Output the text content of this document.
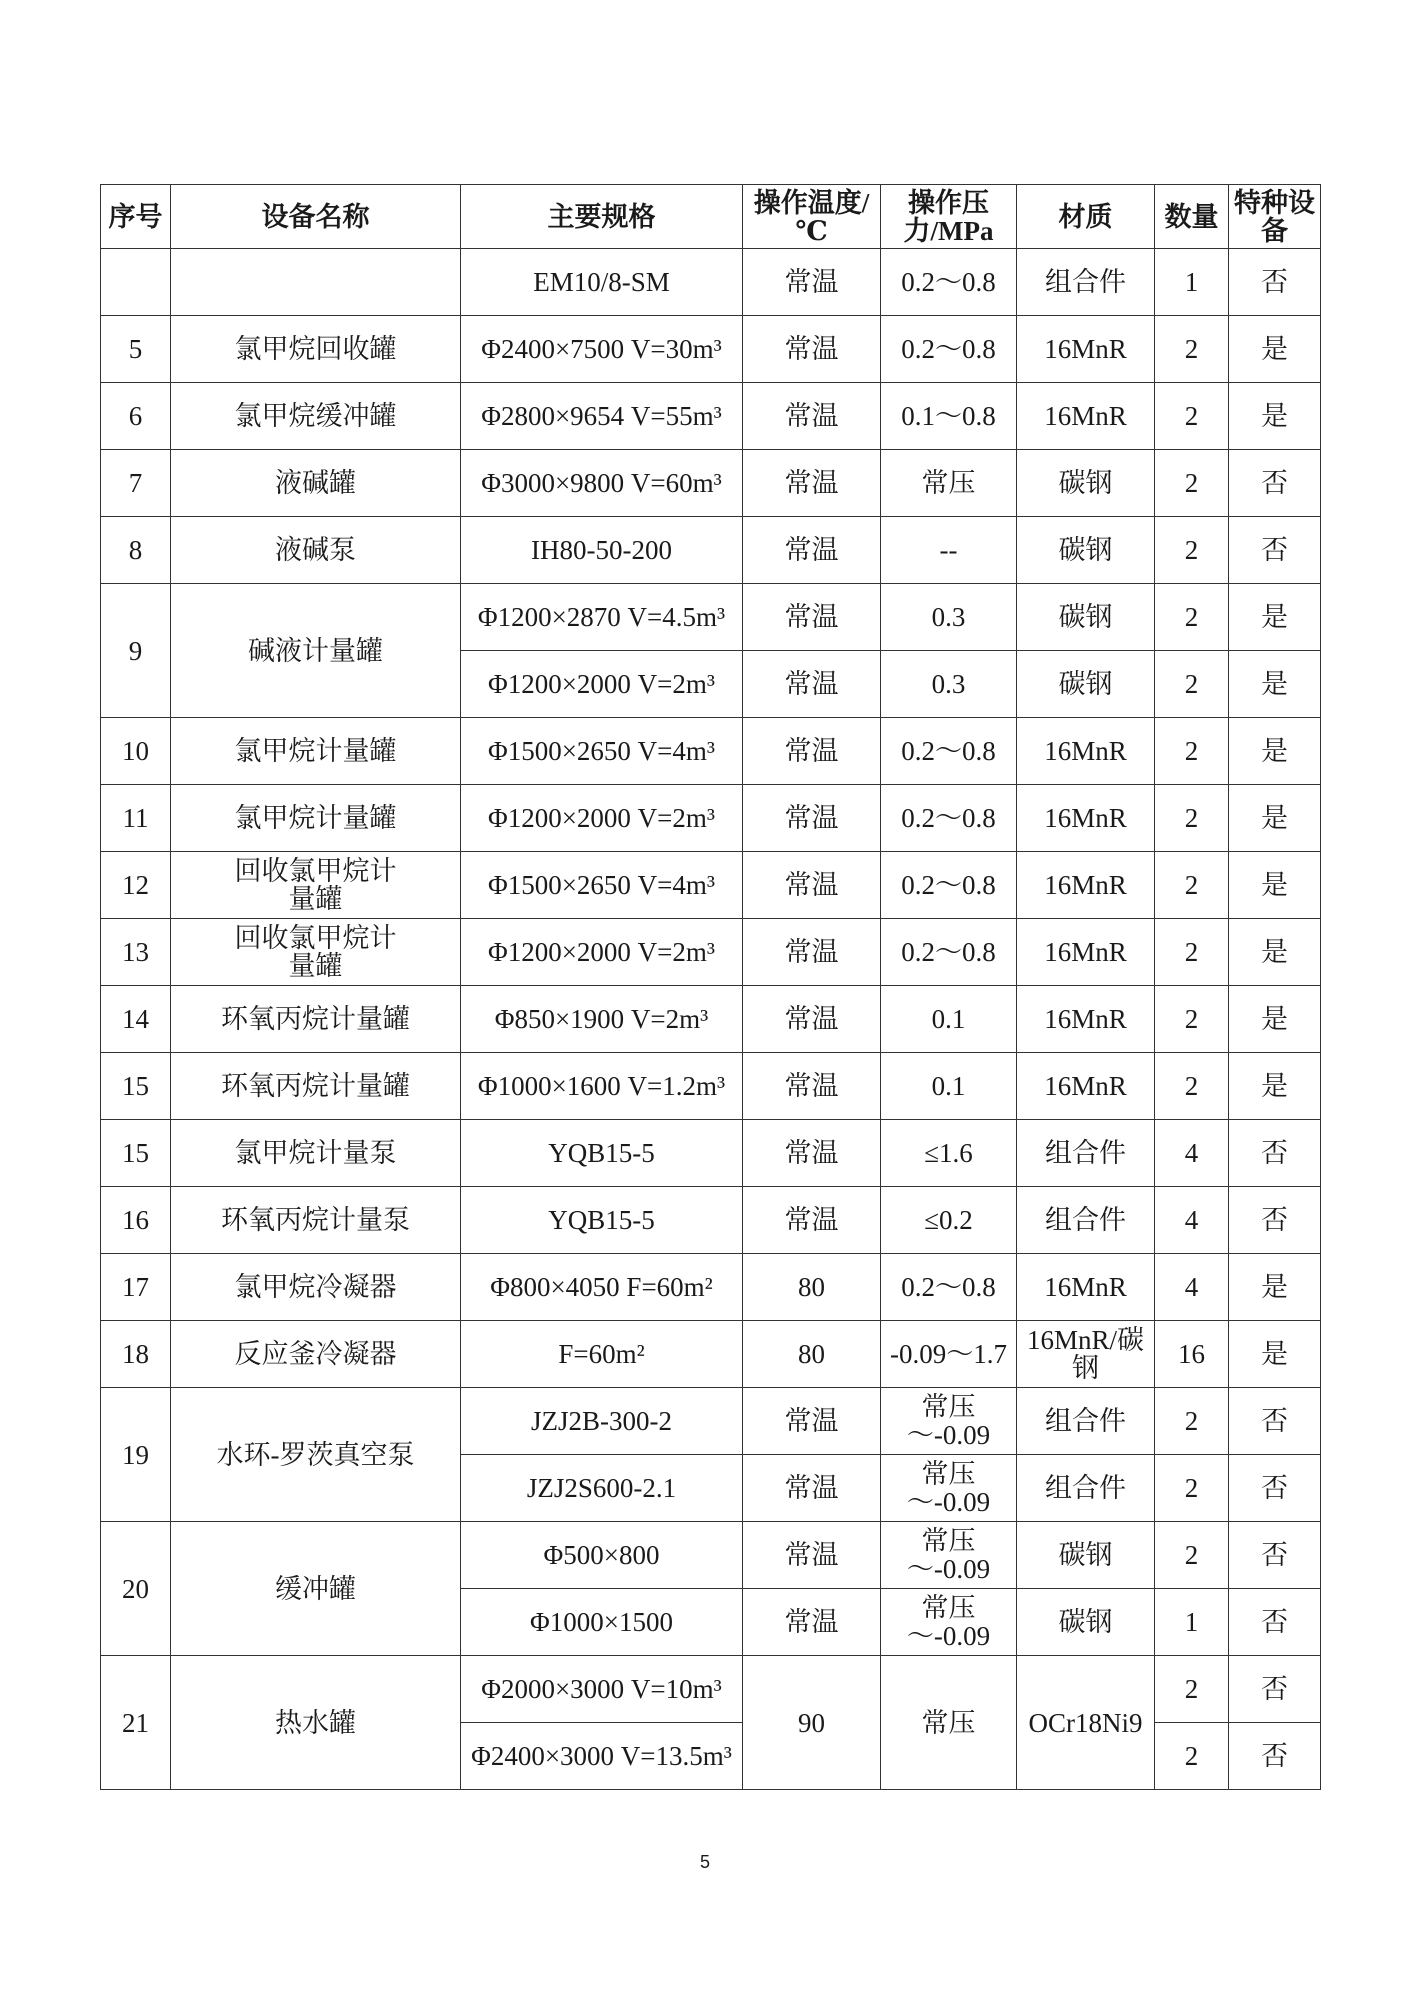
序号	设备名称	主要规格	操作温度/℃	操作压力/MPa	材质	数量	特种设备
		EM10/8-SM	常温	0.2～0.8	组合件	1	否
5	氯甲烷回收罐	Φ2400×7500 V=30m³	常温	0.2～0.8	16MnR	2	是
6	氯甲烷缓冲罐	Φ2800×9654 V=55m³	常温	0.1～0.8	16MnR	2	是
7	液碱罐	Φ3000×9800 V=60m³	常温	常压	碳钢	2	否
8	液碱泵	IH80-50-200	常温	--	碳钢	2	否
9	碱液计量罐	Φ1200×2870 V=4.5m³	常温	0.3	碳钢	2	是
		Φ1200×2000 V=2m³	常温	0.3	碳钢	2	是
10	氯甲烷计量罐	Φ1500×2650 V=4m³	常温	0.2～0.8	16MnR	2	是
11	氯甲烷计量罐	Φ1200×2000 V=2m³	常温	0.2～0.8	16MnR	2	是
12	回收氯甲烷计量罐	Φ1500×2650 V=4m³	常温	0.2～0.8	16MnR	2	是
13	回收氯甲烷计量罐	Φ1200×2000 V=2m³	常温	0.2～0.8	16MnR	2	是
14	环氧丙烷计量罐	Φ850×1900 V=2m³	常温	0.1	16MnR	2	是
15	环氧丙烷计量罐	Φ1000×1600 V=1.2m³	常温	0.1	16MnR	2	是
15	氯甲烷计量泵	YQB15-5	常温	≤1.6	组合件	4	否
16	环氧丙烷计量泵	YQB15-5	常温	≤0.2	组合件	4	否
17	氯甲烷冷凝器	Φ800×4050 F=60m²	80	0.2～0.8	16MnR	4	是
18	反应釜冷凝器	F=60m²	80	-0.09～1.7	16MnR/碳钢	16	是
19	水环-罗茨真空泵	JZJ2B-300-2	常温	常压～-0.09	组合件	2	否
		JZJ2S600-2.1	常温	常压～-0.09	组合件	2	否
20	缓冲罐	Φ500×800	常温	常压～-0.09	碳钢	2	否
		Φ1000×1500	常温	常压～-0.09	碳钢	1	否
21	热水罐	Φ2000×3000 V=10m³	90	常压	OCr18Ni9	2	否
		Φ2400×3000 V=13.5m³				2	否
5
